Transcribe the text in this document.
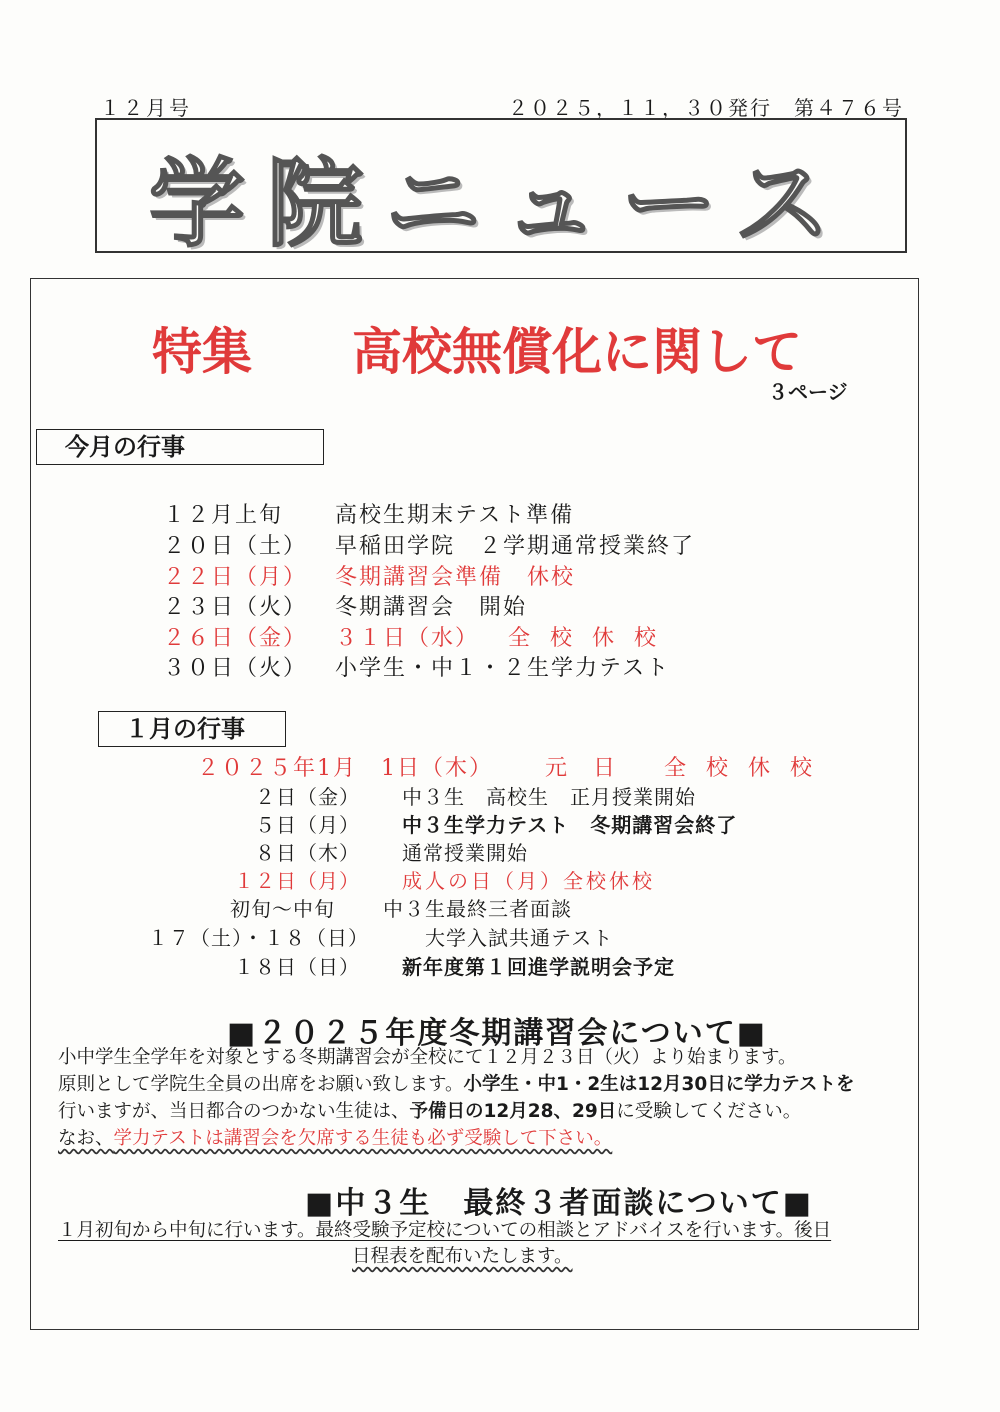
１２月号	２０２５，１１，３０発行　第４７６号
学院ニュース
特集 高校無償化に関して
３ページ
今月の行事
１２月上旬 高校生期末テスト準備
２０日（土） 早稲田学院　２学期通常授業終了
２２日（月） 冬期講習会準備　休校
２３日（火） 冬期講習会　開始
２６日（金） ３１日（水） 全校休校
３０日（火） 小学生・中１・２生学力テスト
１月の行事
２０２５年1月　1日（木） 元　日 全校休校
２日（金） 中３生　高校生　正月授業開始
５日（月） 中３生学力テスト　冬期講習会終了
８日（木） 通常授業開始
１２日（月） 成人の日（月）全校休校
初旬～中旬 中３生最終三者面談
１７（土）・１８（日）	大学入試共通テスト
１８日（日） 新年度第１回進学説明会予定
■２０２５年度冬期講習会について■
小中学生全学年を対象とする冬期講習会が全校にて１２月２３日（火）より始まります。
原則として学院生全員の出席をお願い致します。小学生・中1・2生は12月30日に学力テストを
行いますが、当日都合のつかない生徒は、予備日の12月28、29日に受験してください。
なお、学力テストは講習会を欠席する生徒も必ず受験して下さい。
■中３生　最終３者面談について■
１月初旬から中旬に行います。最終受験予定校についての相談とアドバイスを行います。後日
日程表を配布いたします。
